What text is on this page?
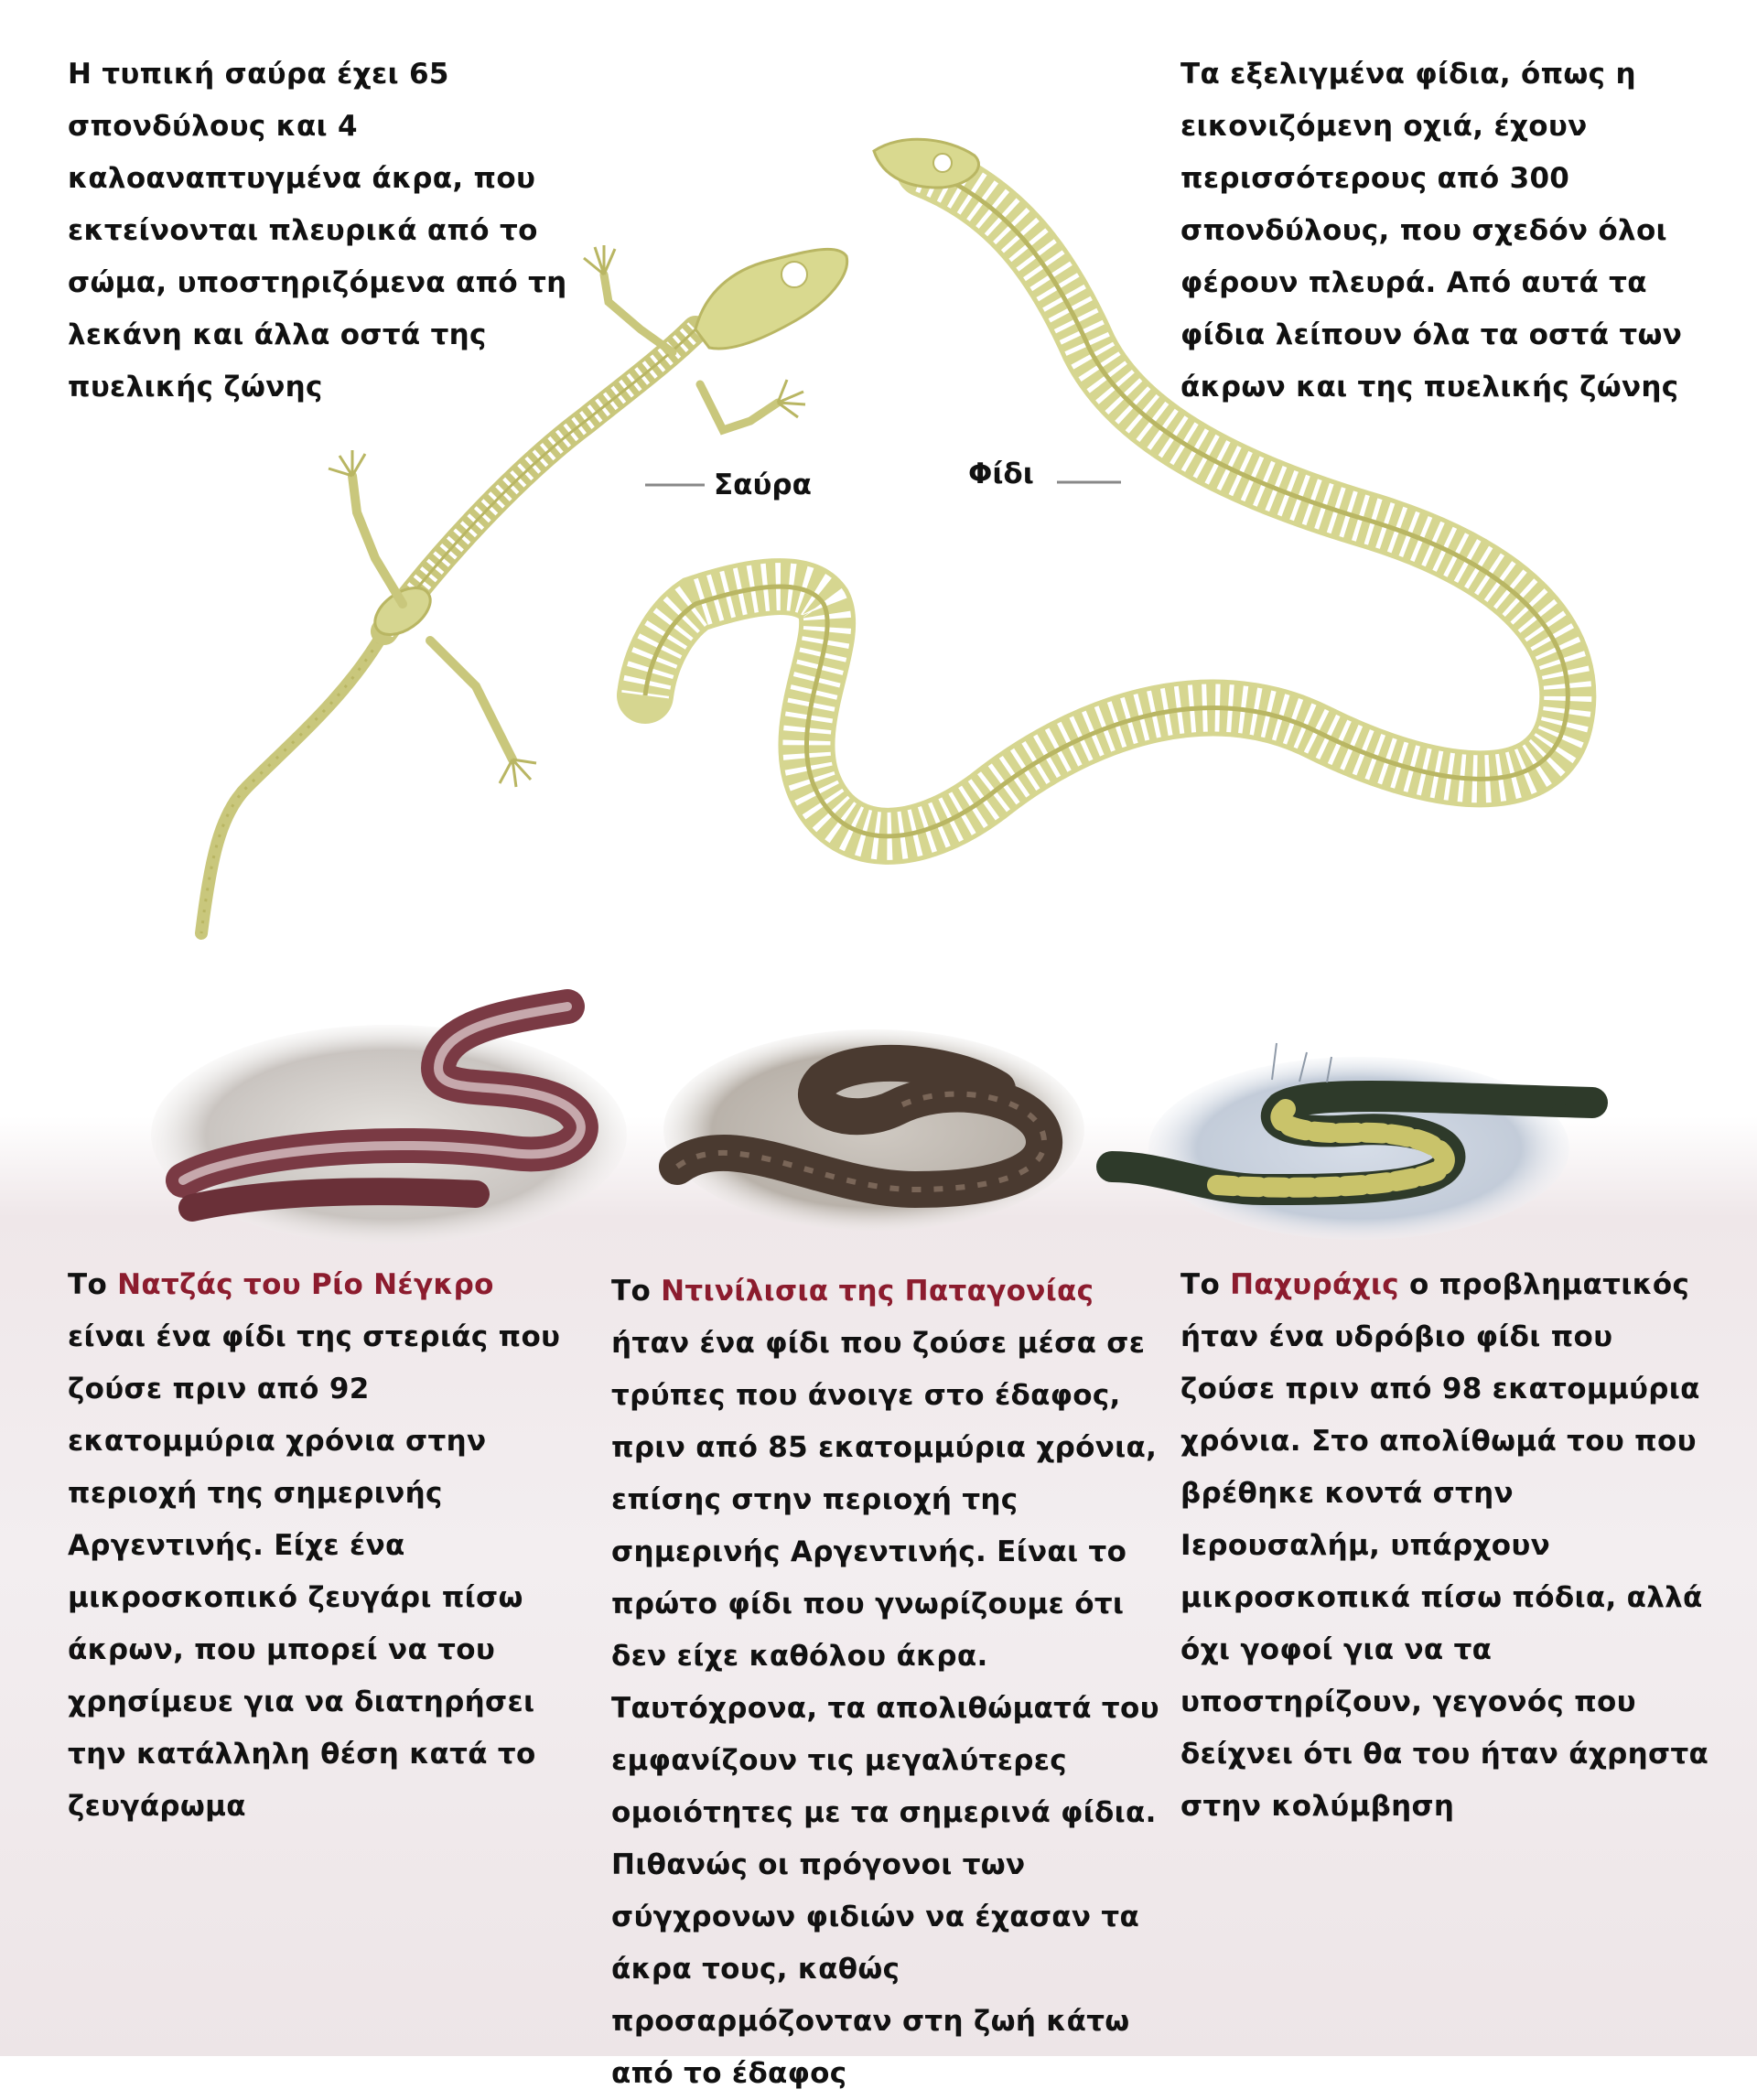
Η τυπική σαύρα έχει 65 σπονδύλους και 4 καλοαναπτυγμένα άκρα, που εκτείνονται πλευρικά από το σώμα, υποστηριζόμενα από τη λεκάνη και άλλα οστά της πυελικής ζώνης

Τα εξελιγμένα φίδια, όπως η εικονιζόμενη οχιά, έχουν περισσότερους από 300 σπονδύλους, που σχεδόν όλοι φέρουν πλευρά. Από αυτά τα φίδια λείπουν όλα τα οστά των άκρων και της πυελικής ζώνης

Σαύρα	Φίδι

Το Νατζάς του Ρίο Νέγκρο είναι ένα φίδι της στεριάς που ζούσε πριν από 92 εκατομμύρια χρόνια στην περιοχή της σημερινής Αργεντινής. Είχε ένα μικροσκοπικό ζευγάρι πίσω άκρων, που μπορεί να του χρησίμευε για να διατηρήσει την κατάλληλη θέση κατά το ζευγάρωμα

Το Ντινίλισια της Παταγονίας ήταν ένα φίδι που ζούσε μέσα σε τρύπες που άνοιγε στο έδαφος, πριν από 85 εκατομμύρια χρόνια, επίσης στην περιοχή της σημερινής Αργεντινής. Είναι το πρώτο φίδι που γνωρίζουμε ότι δεν είχε καθόλου άκρα. Ταυτόχρονα, τα απολιθώματά του εμφανίζουν τις μεγαλύτερες ομοιότητες με τα σημερινά φίδια. Πιθανώς οι πρόγονοι των σύγχρονων φιδιών να έχασαν τα άκρα τους, καθώς προσαρμόζονταν στη ζωή κάτω από το έδαφος

Το Παχυράχις ο προβληματικός ήταν ένα υδρόβιο φίδι που ζούσε πριν από 98 εκατομμύρια χρόνια. Στο απολίθωμά του που βρέθηκε κοντά στην Ιερουσαλήμ, υπάρχουν μικροσκοπικά πίσω πόδια, αλλά όχι γοφοί για να τα υποστηρίζουν, γεγονός που δείχνει ότι θα του ήταν άχρηστα στην κολύμβηση
